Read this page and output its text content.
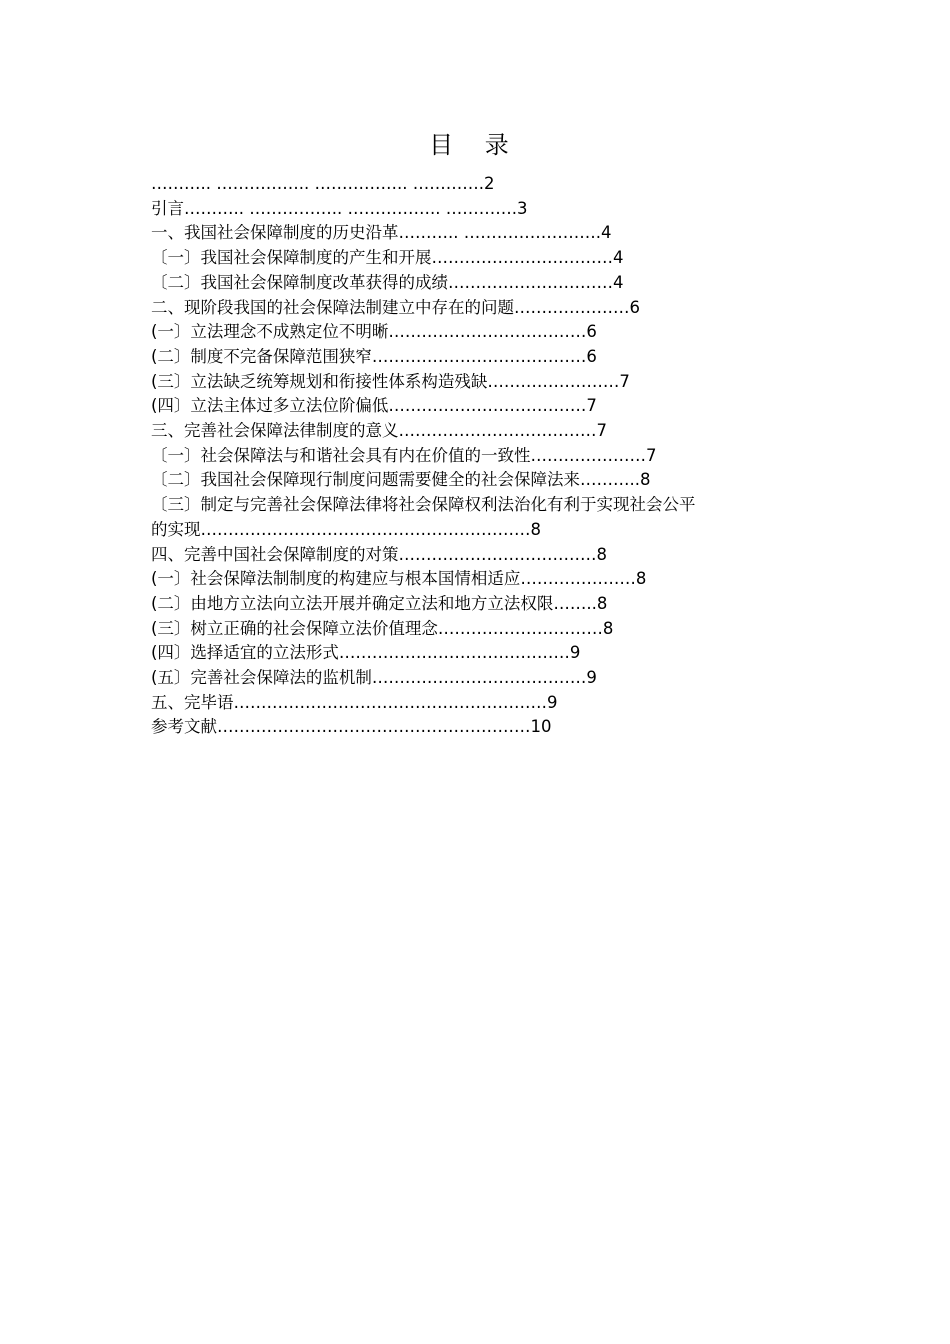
目 录
……….. …………….. …………….. ………….2
引言……….. …………….. …………….. ………….3
一、我国社会保障制度的历史沿革……….. …………………….4
〔一〕我国社会保障制度的产生和开展……………………………4
〔二〕我国社会保障制度改革获得的成绩…………………………4
二、现阶段我国的社会保障法制建立中存在的问题…………………6
(一〕立法理念不成熟定位不明晰………………………………6
(二〕制度不完备保障范围狭窄…………………………………6
(三〕立法缺乏统筹规划和衔接性体系构造残缺……………………7
(四〕立法主体过多立法位阶偏低………………………………7
三、完善社会保障法律制度的意义………………………………7
〔一〕社会保障法与和谐社会具有内在价值的一致性…………………7
〔二〕我国社会保障现行制度问题需要健全的社会保障法来………..8
〔三〕制定与完善社会保障法律将社会保障权利法治化有利于实现社会公平
的实现……………………………………………………8
四、完善中国社会保障制度的对策………………………………8
(一〕社会保障法制制度的构建应与根本国情相适应…………………8
(二〕由地方立法向立法开展并确定立法和地方立法权限……..8
(三〕树立正确的社会保障立法价值理念…………………………8
(四〕选择适宜的立法形式……………………………………9
(五〕完善社会保障法的监机制…………………………………9
五、完毕语…………………………………………………9
参考文献…………………………………………………10
